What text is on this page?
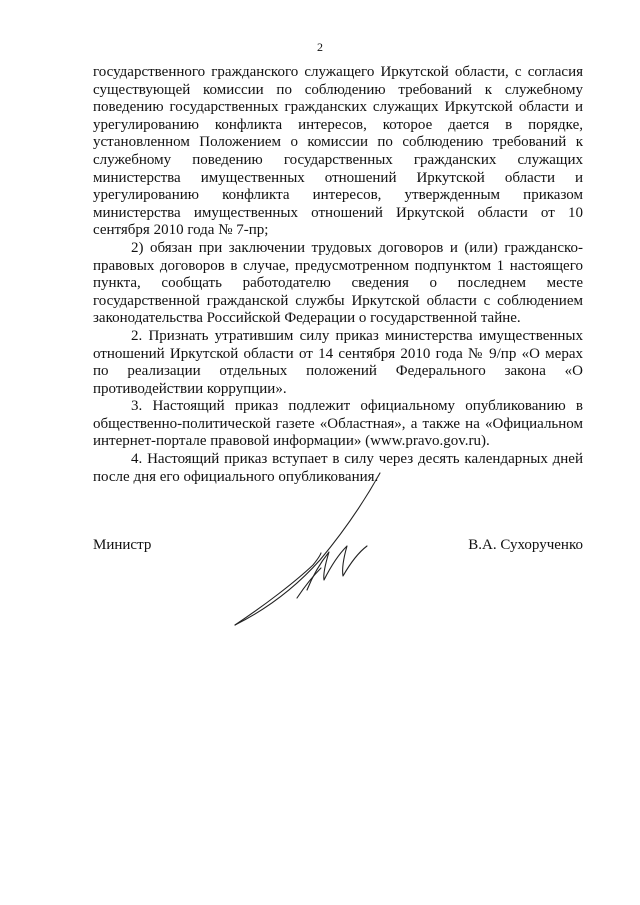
2

государственного гражданского служащего Иркутской области, с согласия существующей комиссии по соблюдению требований к служебному поведению государственных гражданских служащих Иркутской области и урегулированию конфликта интересов, которое дается в порядке, установленном Положением о комиссии по соблюдению требований к служебному поведению государственных гражданских служащих министерства имущественных отношений Иркутской области и урегулированию конфликта интересов, утвержденным приказом министерства имущественных отношений Иркутской области от 10 сентября 2010 года № 7-пр;

2) обязан при заключении трудовых договоров и (или) гражданско-правовых договоров в случае, предусмотренном подпунктом 1 настоящего пункта, сообщать работодателю сведения о последнем месте государственной гражданской службы Иркутской области с соблюдением законодательства Российской Федерации о государственной тайне.

2. Признать утратившим силу приказ министерства имущественных отношений Иркутской области от 14 сентября 2010 года № 9/пр «О мерах по реализации отдельных положений Федерального закона «О противодействии коррупции».

3. Настоящий приказ подлежит официальному опубликованию в общественно-политической газете «Областная», а также на «Официальном интернет-портале правовой информации» (www.pravo.gov.ru).

4. Настоящий приказ вступает в силу через десять календарных дней после дня его официального опубликования.

Министр	В.А. Сухорученко
